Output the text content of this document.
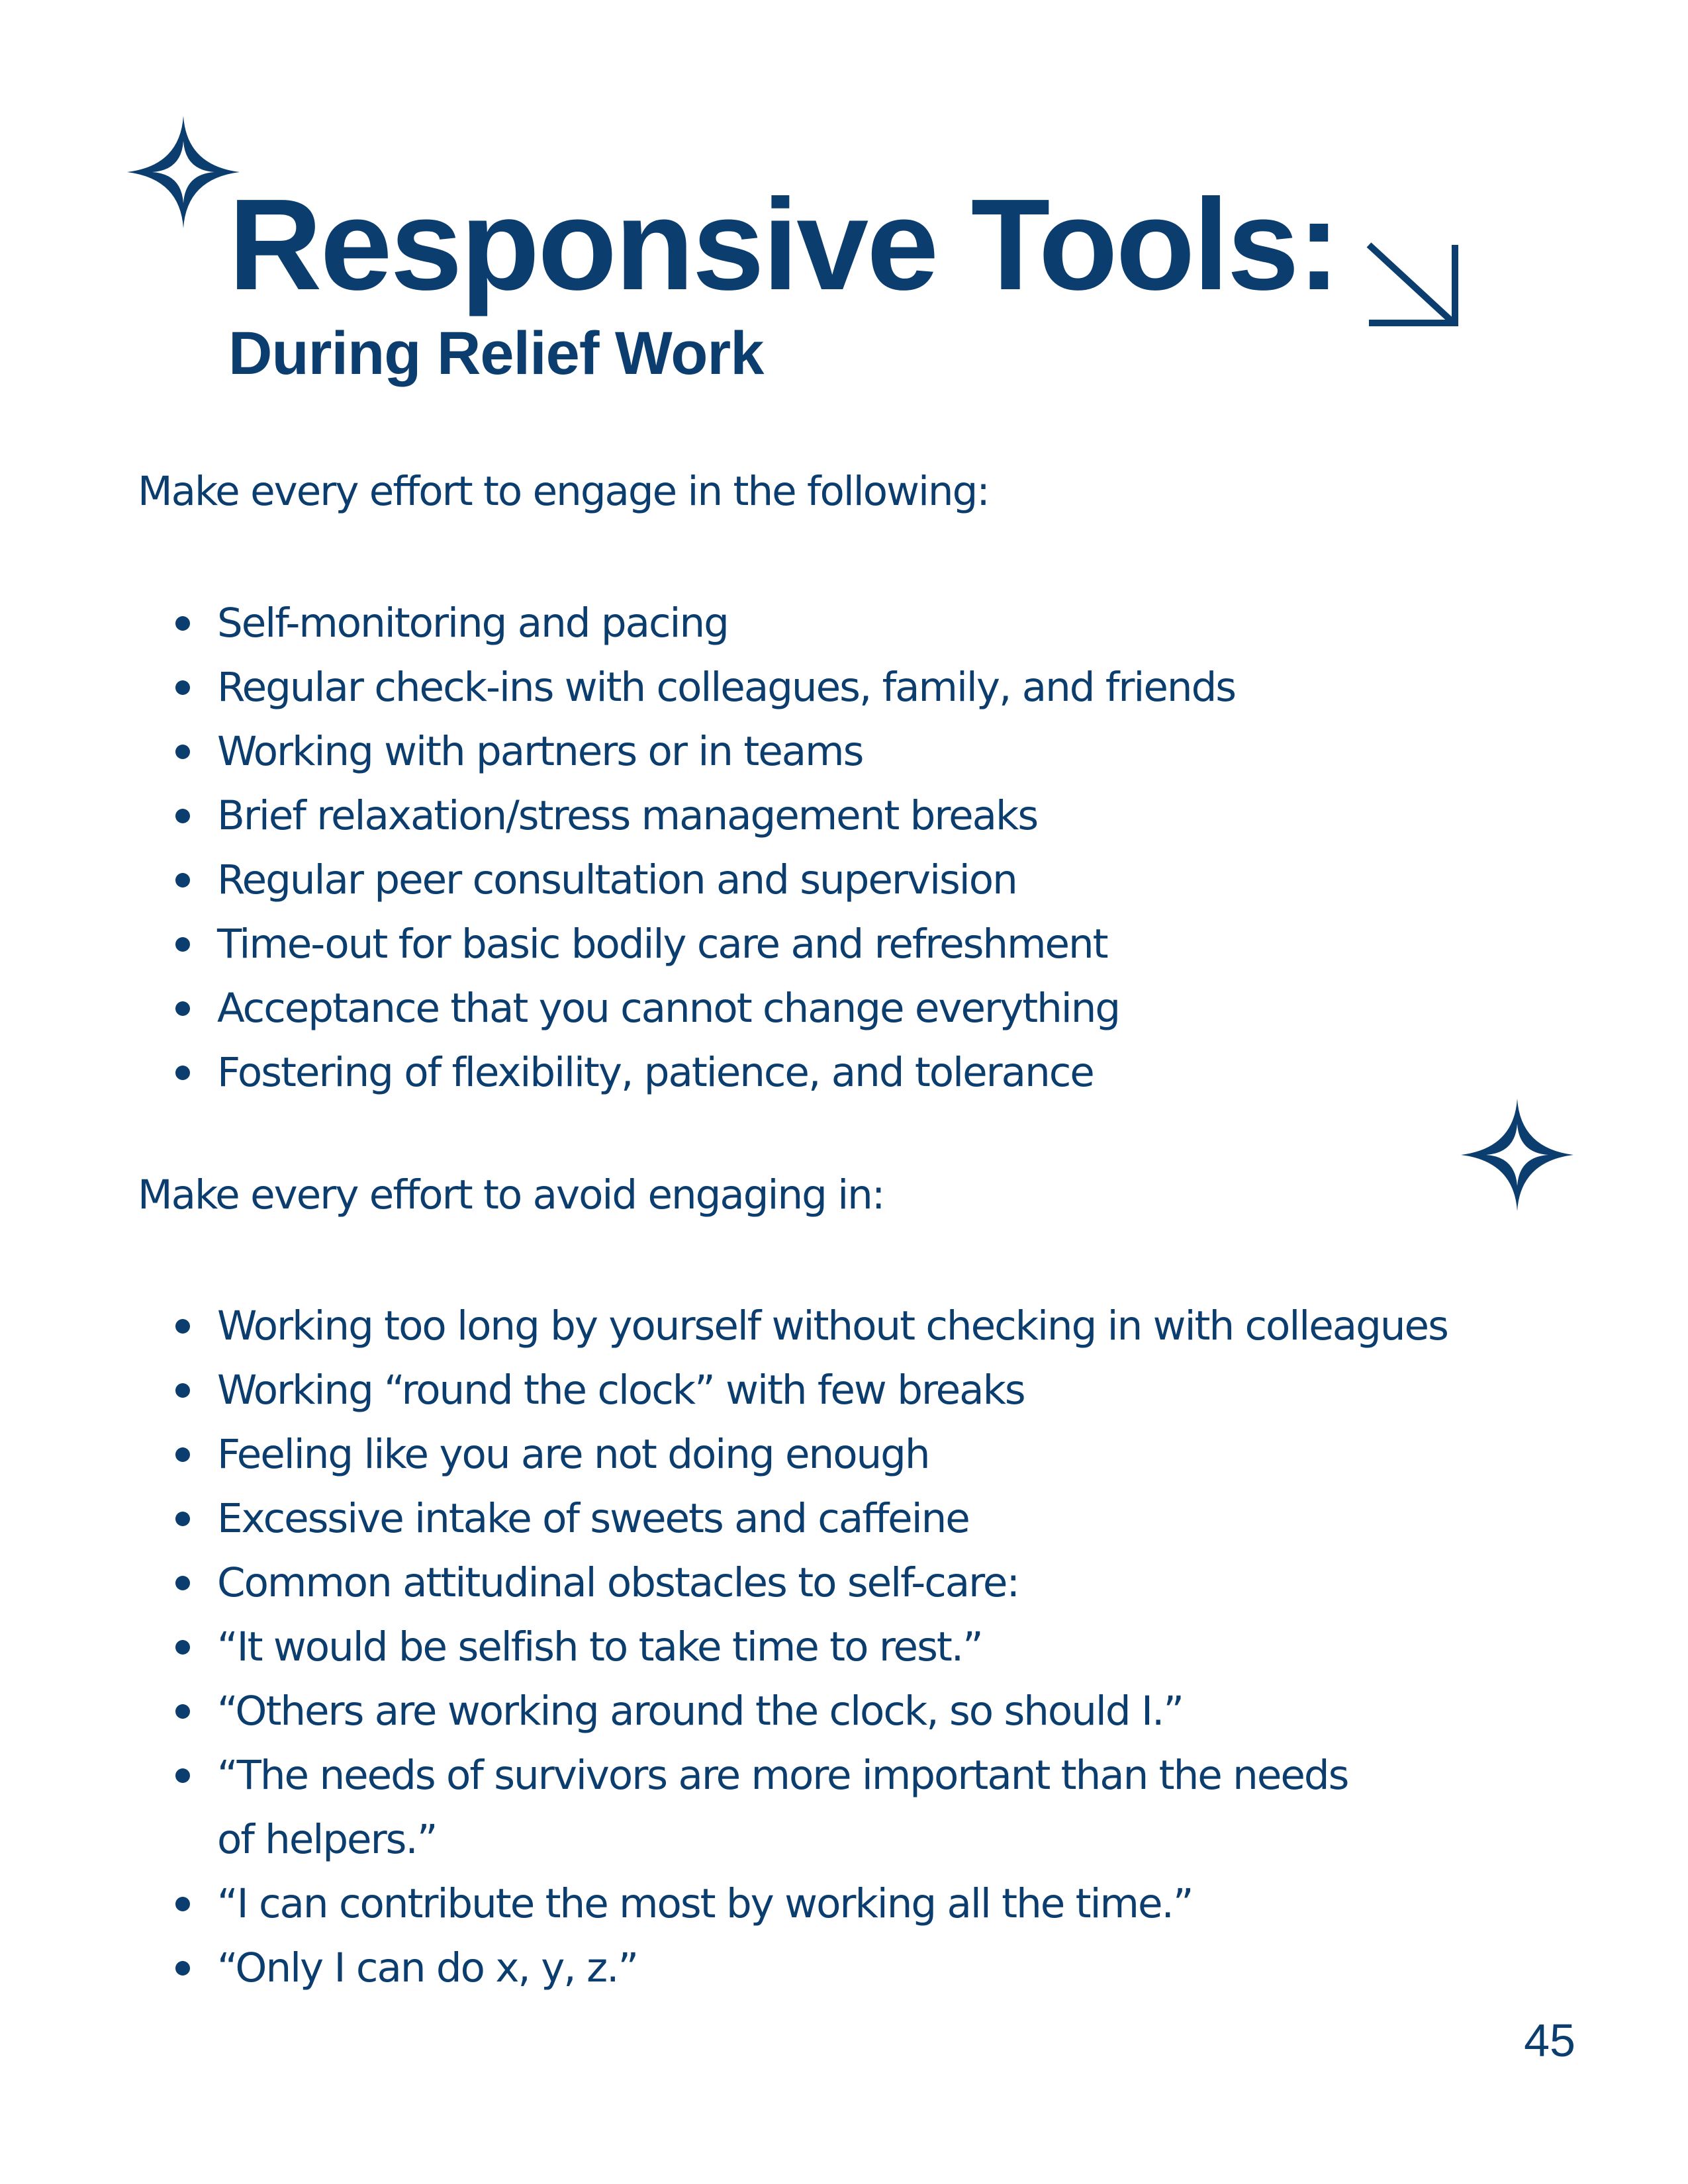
Responsive Tools:
During Relief Work

Make every effort to engage in the following:

Self-monitoring and pacing
Regular check-ins with colleagues, family, and friends
Working with partners or in teams
Brief relaxation/stress management breaks
Regular peer consultation and supervision
Time-out for basic bodily care and refreshment
Acceptance that you cannot change everything
Fostering of flexibility, patience, and tolerance

Make every effort to avoid engaging in:

Working too long by yourself without checking in with colleagues
Working “round the clock” with few breaks
Feeling like you are not doing enough
Excessive intake of sweets and caffeine
Common attitudinal obstacles to self-care:
“It would be selfish to take time to rest.”
“Others are working around the clock, so should I.”
“The needs of survivors are more important than the needs of helpers.”
“I can contribute the most by working all the time.”
“Only I can do x, y, z.”
45
